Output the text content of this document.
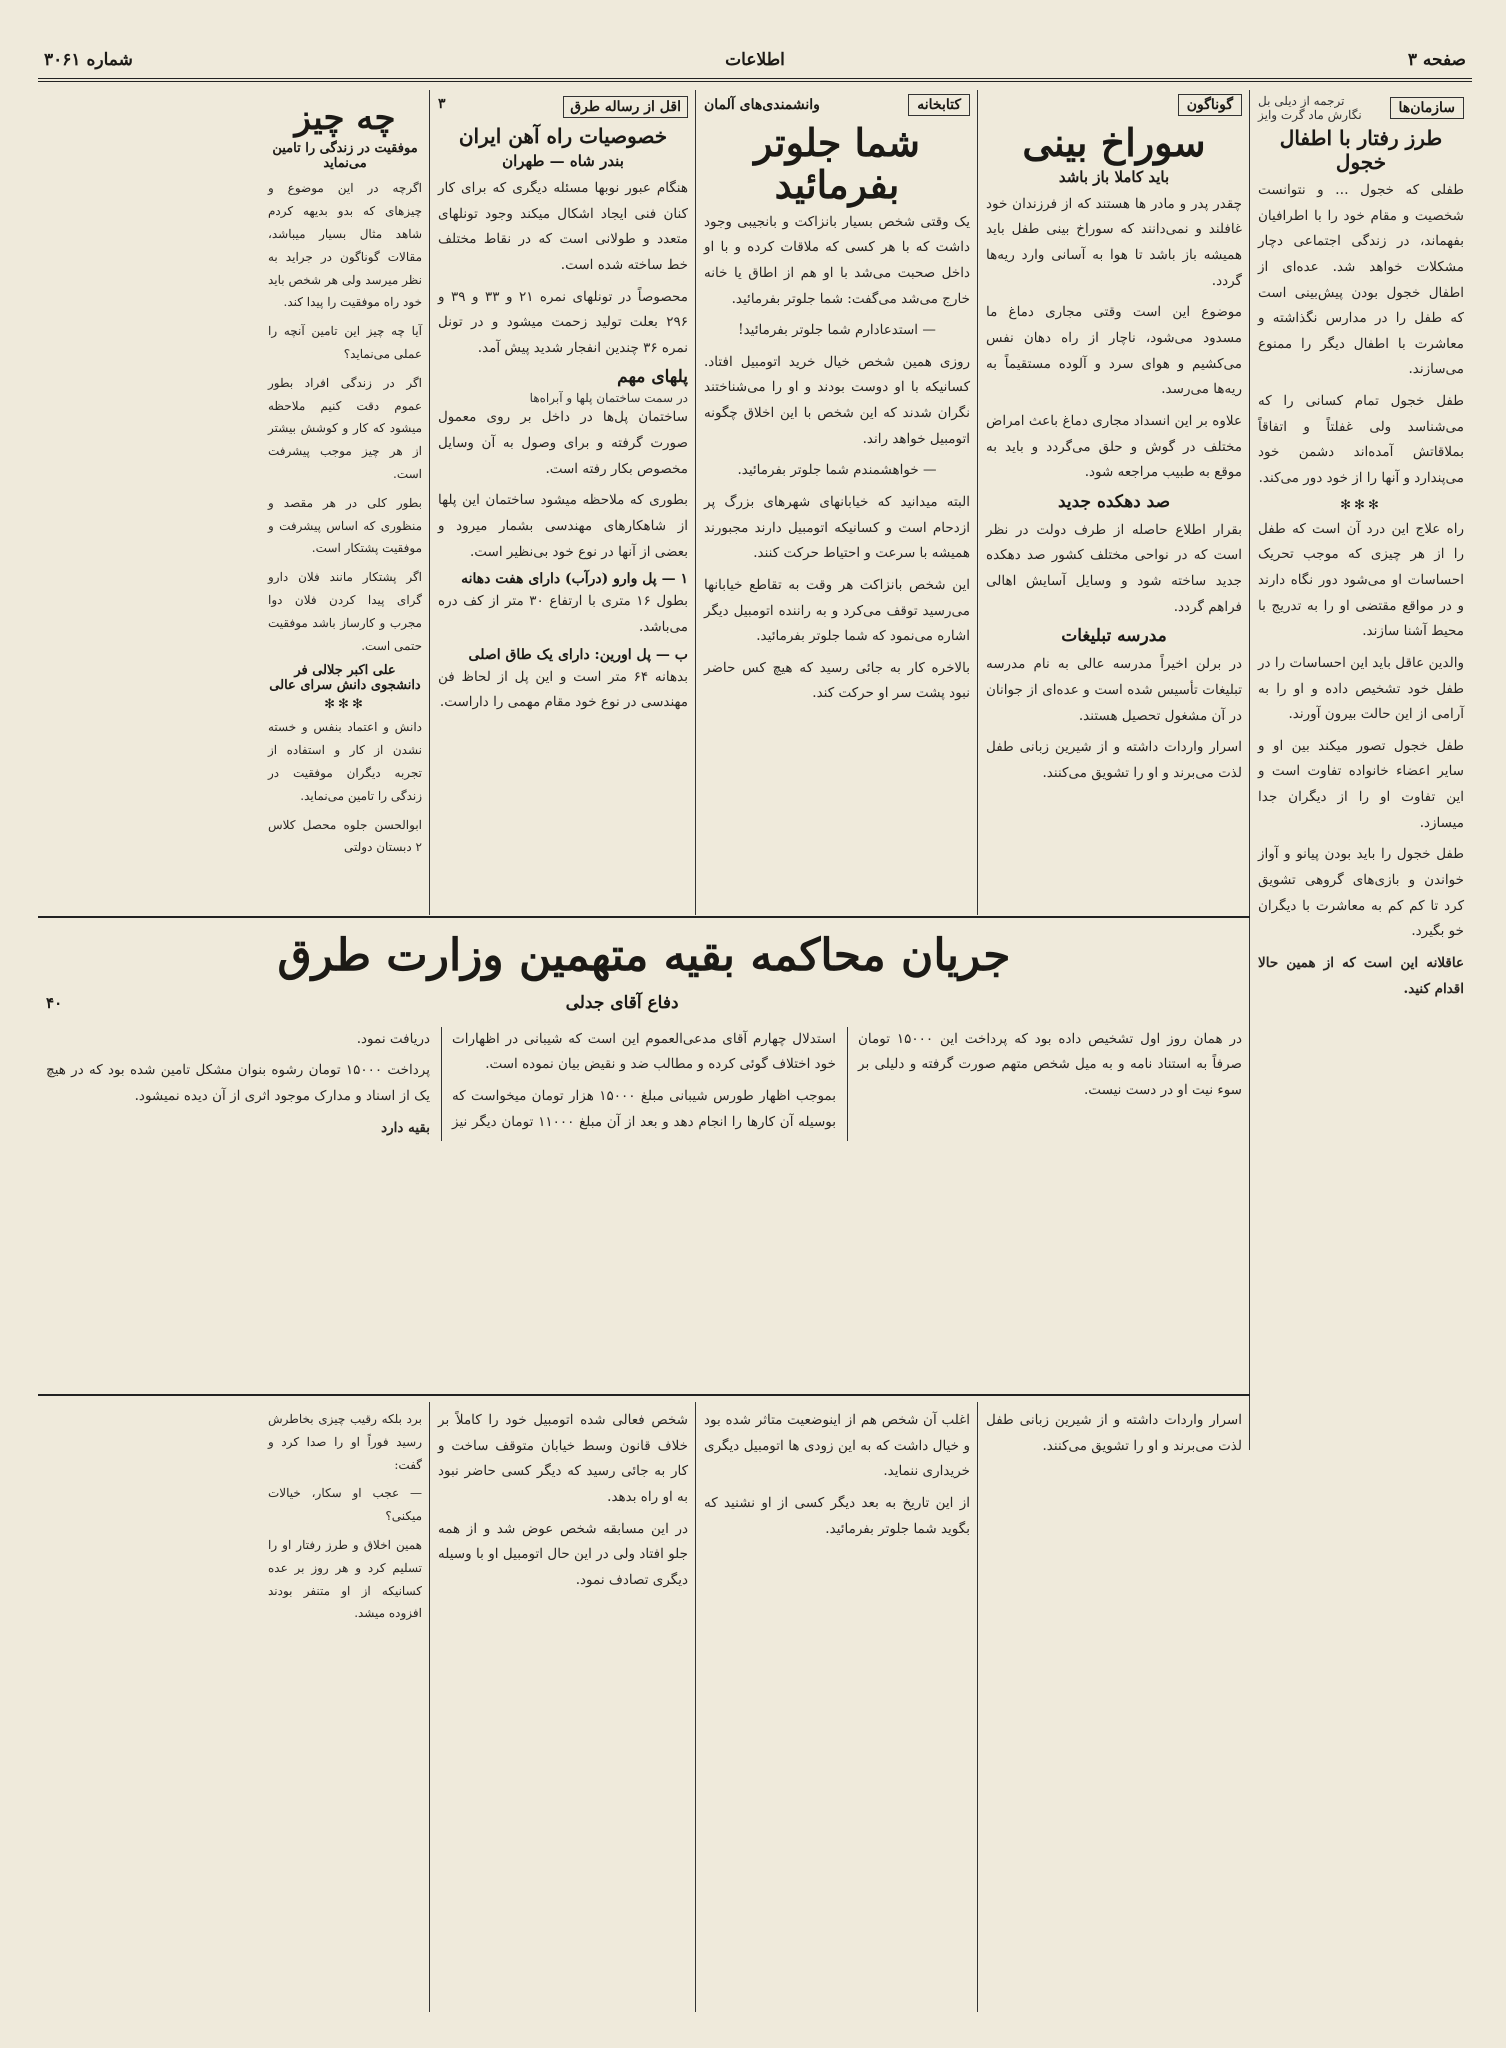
صفحه ۳
اطلاعات
شماره ۳۰۶۱
سازمان‌ها
ترجمه از دیلی بل
نگارش ماد گرت وایز
طرز رفتار با اطفال خجول

طفلی که خجول … و نتوانست شخصیت و مقام خود را با اطرافیان بفهماند، در زندگی اجتماعی دچار مشکلات خواهد شد. عده‌ای از اطفال خجول بودن پیش‌بینی است که طفل را در مدارس نگذاشته و معاشرت با اطفال دیگر را ممنوع می‌سازند.

طفل خجول تمام کسانی را که می‌شناسد ولی غفلتاً و اتفاقاً بملاقاتش آمده‌اند دشمن خود می‌پندارد و آنها را از خود دور می‌کند.

✻✻✻

راه علاج این درد آن است که طفل را از هر چیزی که موجب تحریک احساسات او می‌شود دور نگاه دارند و در مواقع مقتضی او را به تدریج با محیط آشنا سازند.

والدین عاقل باید این احساسات را در طفل خود تشخیص داده و او را به آرامی از این حالت بیرون آورند.

طفل خجول تصور میکند بین او و سایر اعضاء خانواده تفاوت است و این تفاوت او را از دیگران جدا میسازد.

طفل خجول را باید بودن پیانو و آواز خواندن و بازی‌های گروهی تشویق کرد تا کم کم به معاشرت با دیگران خو بگیرد.

عاقلانه این است که از همین حالا اقدام کنید.

گوناگون
سوراخ بینی
باید کاملا باز باشد

چقدر پدر و مادر ها هستند که از فرزندان خود غافلند و نمی‌دانند که سوراخ بینی طفل باید همیشه باز باشد تا هوا به آسانی وارد ریه‌ها گردد.

موضوع این است وقتی مجاری دماغ ما مسدود می‌شود، ناچار از راه دهان نفس می‌کشیم و هوای سرد و آلوده مستقیماً به ریه‌ها می‌رسد.

علاوه بر این انسداد مجاری دماغ باعث امراض مختلف در گوش و حلق می‌گردد و باید به موقع به طبیب مراجعه شود.

صد دهکده جدید

بقرار اطلاع حاصله از طرف دولت در نظر است که در نواحی مختلف کشور صد دهکده جدید ساخته شود و وسایل آسایش اهالی فراهم گردد.

مدرسه تبلیغات

در برلن اخیراً مدرسه عالی به نام مدرسه تبلیغات تأسیس شده است و عده‌ای از جوانان در آن مشغول تحصیل هستند.

اسرار واردات داشته و از شیرین زبانی طفل لذت می‌برند و او را تشویق می‌کنند.

کتابخانه
وانشمندی‌های آلمان
شما جلوتر بفرمائید

یک وقتی شخص بسیار بانزاکت و بانجیبی وجود داشت که با هر کسی که ملاقات کرده و با او داخل صحبت می‌شد با او هم از اطاق یا خانه خارج می‌شد می‌گفت: شما جلوتر بفرمائید.

— استدعادارم شما جلوتر بفرمائید!

روزی همین شخص خیال خرید اتومبیل افتاد. کسانیکه با او دوست بودند و او را می‌شناختند نگران شدند که این شخص با این اخلاق چگونه اتومبیل خواهد راند.

— خواهشمندم شما جلوتر بفرمائید.

البته میدانید که خیابانهای شهرهای بزرگ پر ازدحام است و کسانیکه اتومبیل دارند مجبورند همیشه با سرعت و احتیاط حرکت کنند.

این شخص بانزاکت هر وقت به تقاطع خیابانها می‌رسید توقف می‌کرد و به راننده اتومبیل دیگر اشاره می‌نمود که شما جلوتر بفرمائید.

بالاخره کار به جائی رسید که هیچ کس حاضر نبود پشت سر او حرکت کند.

اقل از رساله طرق
۳
خصوصیات راه آهن ایران
بندر شاه — طهران

هنگام عبور نوبها مسئله دیگری که برای کار کنان فنی ایجاد اشکال میکند وجود تونلهای متعدد و طولانی است که در نقاط مختلف خط ساخته شده است.

محصوصاً در تونلهای نمره ۲۱ و ۳۳ و ۳۹ و ۲۹۶ بعلت تولید زحمت میشود و در تونل نمره ۳۶ چندین انفجار شدید پیش آمد.

پلهای مهم
در سمت ساختمان پلها و آبراه‌ها

ساختمان پل‌ها در داخل بر روی معمول صورت گرفته و برای وصول به آن وسایل مخصوص بکار رفته است.

بطوری که ملاحظه میشود ساختمان این پلها از شاهکارهای مهندسی بشمار میرود و بعضی از آنها در نوع خود بی‌نظیر است.

۱ — پل وارو (درآب) دارای هفت دهانه

بطول ۱۶ متری با ارتفاع ۳۰ متر از کف دره می‌باشد.

ب — پل اورین: دارای یک طاق اصلی

بدهانه ۶۴ متر است و این پل از لحاظ فن مهندسی در نوع خود مقام مهمی را داراست.

چه چیز
موفقیت در زندگی را تامین می‌نماید

اگرچه در این موضوع و چیزهای که بدو بدیهه کردم شاهد مثال بسیار میباشد، مقالات گوناگون در جراید به نظر میرسد ولی هر شخص باید خود راه موفقیت را پیدا کند.

آیا چه چیز این تامین آنچه را عملی می‌نماید؟

اگر در زندگی افراد بطور عموم دقت کنیم ملاحظه میشود که کار و کوشش بیشتر از هر چیز موجب پیشرفت است.

بطور کلی در هر مقصد و منظوری که اساس پیشرفت و موفقیت پشتکار است.

اگر پشتکار مانند فلان دارو گرای پیدا کردن فلان دوا مجرب و کارساز باشد موفقیت حتمی است.

علی اکبر جلالی فر دانشجوی دانش سرای عالی
✻✻✻

دانش و اعتماد بنفس و خسته نشدن از کار و استفاده از تجربه دیگران موفقیت در زندگی را تامین می‌نماید.

ابوالحسن جلوه محصل کلاس ۲ دبستان دولتی

جریان محاکمه بقیه متهمین وزارت طرق
دفاع آقای جدلی
۴۰

در همان روز اول تشخیص داده بود که پرداخت این ۱۵۰۰۰ تومان صرفاً به استناد نامه و به میل شخص متهم صورت گرفته و دلیلی بر سوء نیت او در دست نیست.

استدلال چهارم آقای مدعی‌العموم این است که شیبانی در اظهارات خود اختلاف گوئی کرده و مطالب ضد و نقیض بیان نموده است.

بموجب اظهار طورس شیبانی مبلغ ۱۵۰۰۰ هزار تومان میخواست که بوسیله آن کارها را انجام دهد و بعد از آن مبلغ ۱۱۰۰۰ تومان دیگر نیز دریافت نمود.

پرداخت ۱۵۰۰۰ تومان رشوه بنوان مشکل تامین شده بود که در هیچ یک از اسناد و مدارک موجود اثری از آن دیده نمیشود.

بقیه دارد

اسرار واردات داشته و از شیرین زبانی طفل لذت می‌برند و او را تشویق می‌کنند.

اغلب آن شخص هم از اینوضعیت متاثر شده بود و خیال داشت که به این زودی ها اتومبیل دیگری خریداری ننماید.

از این تاریخ به بعد دیگر کسی از او نشنید که بگوید شما جلوتر بفرمائید.

شخص فعالی شده اتومبیل خود را کاملاً بر خلاف قانون وسط خیابان متوقف ساخت و کار به جائی رسید که دیگر کسی حاضر نبود به او راه بدهد.

در این مسابقه شخص عوض شد و از همه جلو افتاد ولی در این حال اتومبیل او با وسیله دیگری تصادف نمود.

برد بلکه رقیب چیزی بخاطرش رسید فوراً او را صدا کرد و گفت:

— عجب او سکار، خیالات میکنی؟

همین اخلاق و طرز رفتار او را تسلیم کرد و هر روز بر عده کسانیکه از او متنفر بودند افزوده میشد.
